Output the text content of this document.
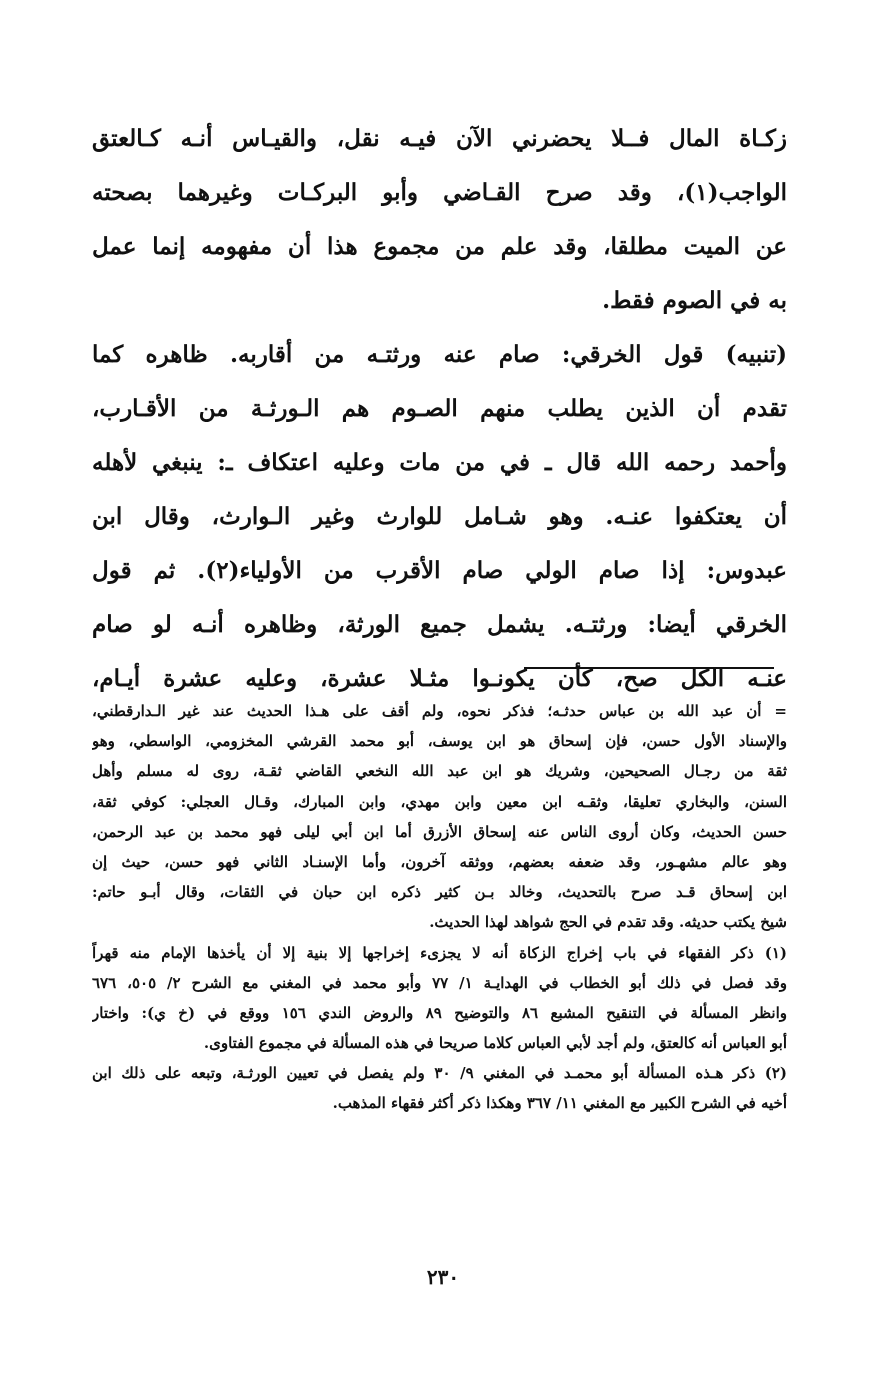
زكـاة المال فــلا يحضرني الآن فيـه نقل، والقيـاس أنـه كـالعتق
الواجب(١)، وقد صرح القـاضي وأبو البركـات وغيرهما بصحته
عن الميت مطلقا، وقد علم من مجموع هذا أن مفهومه إنما عمل
به في الصوم فقط.
(تنبيه) قول الخرقي: صام عنه ورثتـه من أقاربه. ظاهره كما
تقدم أن الذين يطلب منهم الصـوم هم الـورثـة من الأقـارب،
وأحمد رحمه الله قال ـ في من مات وعليه اعتكاف ـ: ينبغي لأهله
أن يعتكفوا عنـه. وهو شـامل للوارث وغير الـوارث، وقال ابن
عبدوس: إذا صام الولي صام الأقرب من الأولياء(٢). ثم قول
الخرقي أيضا: ورثتـه. يشمل جميع الورثة، وظاهره أنـه لو صام
عنـه الكل صح، كأن يكونـوا مثـلا عشرة، وعليه عشرة أيـام،
= أن عبد الله بن عباس حدثـه؛ فذكر نحوه، ولم أقف على هـذا الحديث عند غير الـدارقطني،
والإسناد الأول حسن، فإن إسحاق هو ابن يوسف، أبو محمد القرشي المخزومي، الواسطي، وهو
ثقة من رجـال الصحيحين، وشريك هو ابن عبد الله النخعي القاضي ثقـة، روى له مسلم وأهل
السنن، والبخاري تعليقا، وثقـه ابن معين وابن مهدي، وابن المبارك، وقـال العجلي: كوفي ثقة،
حسن الحديث، وكان أروى الناس عنه إسحاق الأزرق أما ابن أبي ليلى فهو محمد بن عبد الرحمن،
وهو عالم مشهـور، وقد ضعفه بعضهم، ووثقه آخرون، وأما الإسنـاد الثاني فهو حسن، حيث إن
ابن إسحاق قـد صرح بالتحديث، وخالد بـن كثير ذكره ابن حبان في الثقات، وقال أبـو حاتم:
شيخ يكتب حديثه. وقد تقدم في الحج شواهد لهذا الحديث.
(١) ذكر الفقهاء في باب إخراج الزكاة أنه لا يجزىء إخراجها إلا بنية إلا أن يأخذها الإمام منه قهراً
وقد فصل في ذلك أبو الخطاب في الهدايـة ١/ ٧٧ وأبو محمد في المغني مع الشرح ٢/ ٥٠٥، ٦٧٦
وانظر المسألة في التنقيح المشبع ٨٦ والتوضيح ٨٩ والروض الندي ١٥٦ ووقع في (خ ي): واختار
أبو العباس أنه كالعتق، ولم أجد لأبي العباس كلاما صريحا في هذه المسألة في مجموع الفتاوى.
(٢) ذكر هـذه المسألة أبو محمـد في المغني ٩/ ٣٠ ولم يفصل في تعيين الورثـة، وتبعه على ذلك ابن
أخيه في الشرح الكبير مع المغني ١١/ ٣٦٧ وهكذا ذكر أكثر فقهاء المذهب.
٢٣٠
